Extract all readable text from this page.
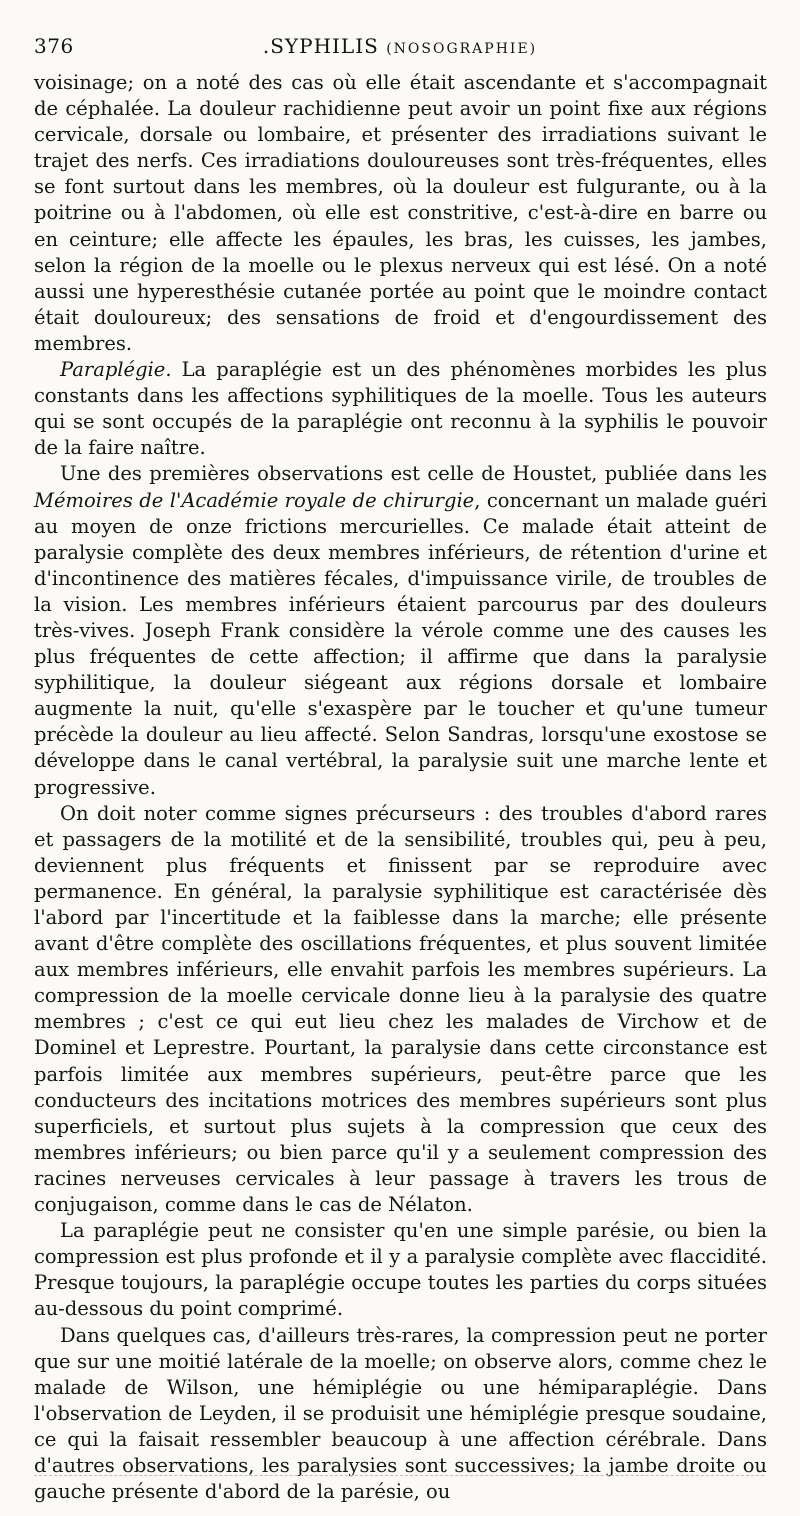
376	.SYPHILIS (NOSOGRAPHIE)

voisinage; on a noté des cas où elle était ascendante et s'accompagnait de céphalée. La douleur rachidienne peut avoir un point fixe aux régions cervicale, dorsale ou lombaire, et présenter des irradiations suivant le trajet des nerfs. Ces irradiations douloureuses sont très-fréquentes, elles se font surtout dans les membres, où la douleur est fulgurante, ou à la poitrine ou à l'abdomen, où elle est constritive, c'est-à-dire en barre ou en ceinture; elle affecte les épaules, les bras, les cuisses, les jambes, selon la région de la moelle ou le plexus nerveux qui est lésé. On a noté aussi une hyperesthésie cutanée portée au point que le moindre contact était douloureux; des sensations de froid et d'engourdissement des membres.

Paraplégie. La paraplégie est un des phénomènes morbides les plus constants dans les affections syphilitiques de la moelle. Tous les auteurs qui se sont occupés de la paraplégie ont reconnu à la syphilis le pouvoir de la faire naître.

Une des premières observations est celle de Houstet, publiée dans les Mémoires de l'Académie royale de chirurgie, concernant un malade guéri au moyen de onze frictions mercurielles. Ce malade était atteint de paralysie complète des deux membres inférieurs, de rétention d'urine et d'incontinence des matières fécales, d'impuissance virile, de troubles de la vision. Les membres inférieurs étaient parcourus par des douleurs très-vives. Joseph Frank considère la vérole comme une des causes les plus fréquentes de cette affection; il affirme que dans la paralysie syphilitique, la douleur siégeant aux régions dorsale et lombaire augmente la nuit, qu'elle s'exaspère par le toucher et qu'une tumeur précède la douleur au lieu affecté. Selon Sandras, lorsqu'une exostose se développe dans le canal vertébral, la paralysie suit une marche lente et progressive.

On doit noter comme signes précurseurs : des troubles d'abord rares et passagers de la motilité et de la sensibilité, troubles qui, peu à peu, deviennent plus fréquents et finissent par se reproduire avec permanence. En général, la paralysie syphilitique est caractérisée dès l'abord par l'incertitude et la faiblesse dans la marche; elle présente avant d'être complète des oscillations fréquentes, et plus souvent limitée aux membres inférieurs, elle envahit parfois les membres supérieurs. La compression de la moelle cervicale donne lieu à la paralysie des quatre membres ; c'est ce qui eut lieu chez les malades de Virchow et de Dominel et Leprestre. Pourtant, la paralysie dans cette circonstance est parfois limitée aux membres supérieurs, peut-être parce que les conducteurs des incitations motrices des membres supérieurs sont plus superficiels, et surtout plus sujets à la compression que ceux des membres inférieurs; ou bien parce qu'il y a seulement compression des racines nerveuses cervicales à leur passage à travers les trous de conjugaison, comme dans le cas de Nélaton.

La paraplégie peut ne consister qu'en une simple parésie, ou bien la compression est plus profonde et il y a paralysie complète avec flaccidité. Presque toujours, la paraplégie occupe toutes les parties du corps situées au-dessous du point comprimé.

Dans quelques cas, d'ailleurs très-rares, la compression peut ne porter que sur une moitié latérale de la moelle; on observe alors, comme chez le malade de Wilson, une hémiplégie ou une hémiparaplégie. Dans l'observation de Leyden, il se produisit une hémiplégie presque soudaine, ce qui la faisait ressembler beaucoup à une affection cérébrale. Dans d'autres observations, les paralysies sont successives; la jambe droite ou gauche présente d'abord de la parésie, ou
